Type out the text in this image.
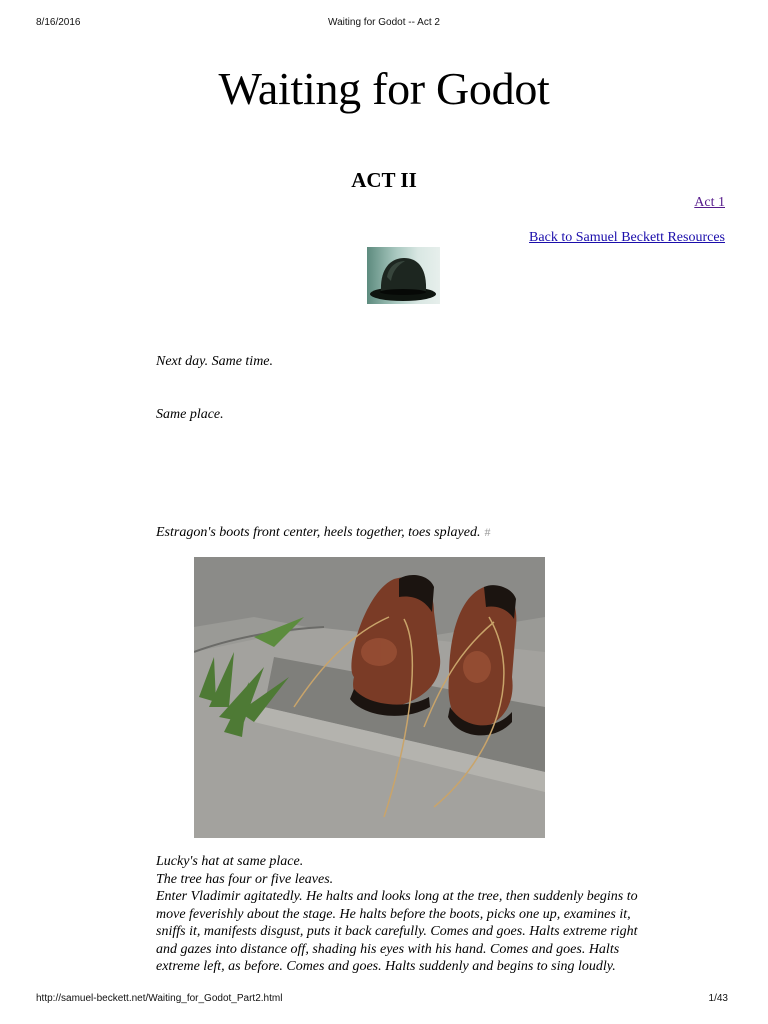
8/16/2016	Waiting for Godot -- Act 2
Waiting for Godot
ACT II
Act 1
Back to Samuel Beckett Resources

Next day. Same time.

Same place.

Estragon's boots front center, heels together, toes splayed. #

Lucky's hat at same place.
The tree has four or five leaves.
Enter Vladimir agitatedly. He halts and looks long at the tree, then suddenly begins to
move feverishly about the stage. He halts before the boots, picks one up, examines it,
sniffs it, manifests disgust, puts it back carefully. Comes and goes. Halts extreme right
and gazes into distance off, shading his eyes with his hand. Comes and goes. Halts
extreme left, as before. Comes and goes. Halts suddenly and begins to sing loudly.

http://samuel-beckett.net/Waiting_for_Godot_Part2.html	1/43
